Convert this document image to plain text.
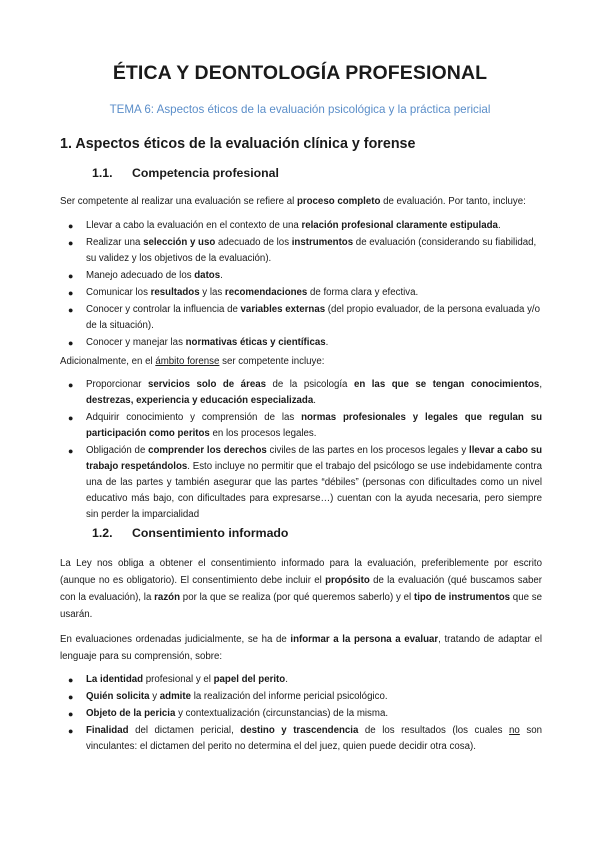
ÉTICA Y DEONTOLOGÍA PROFESIONAL
TEMA 6: Aspectos éticos de la evaluación psicológica y la práctica pericial
1. Aspectos éticos de la evaluación clínica y forense
1.1. Competencia profesional
Ser competente al realizar una evaluación se refiere al proceso completo de evaluación. Por tanto, incluye:
● Llevar a cabo la evaluación en el contexto de una relación profesional claramente estipulada.
● Realizar una selección y uso adecuado de los instrumentos de evaluación (considerando su fiabilidad, su validez y los objetivos de la evaluación).
● Manejo adecuado de los datos.
● Comunicar los resultados y las recomendaciones de forma clara y efectiva.
● Conocer y controlar la influencia de variables externas (del propio evaluador, de la persona evaluada y/o de la situación).
● Conocer y manejar las normativas éticas y científicas.
Adicionalmente, en el ámbito forense ser competente incluye:
● Proporcionar servicios solo de áreas de la psicología en las que se tengan conocimientos, destrezas, experiencia y educación especializada.
● Adquirir conocimiento y comprensión de las normas profesionales y legales que regulan su participación como peritos en los procesos legales.
● Obligación de comprender los derechos civiles de las partes en los procesos legales y llevar a cabo su trabajo respetándolos. Esto incluye no permitir que el trabajo del psicólogo se use indebidamente contra una de las partes y también asegurar que las partes “débiles” (personas con dificultades como un nivel educativo más bajo, con dificultades para expresarse…) cuentan con la ayuda necesaria, pero siempre sin perder la imparcialidad
1.2. Consentimiento informado
La Ley nos obliga a obtener el consentimiento informado para la evaluación, preferiblemente por escrito (aunque no es obligatorio). El consentimiento debe incluir el propósito de la evaluación (qué buscamos saber con la evaluación), la razón por la que se realiza (por qué queremos saberlo) y el tipo de instrumentos que se usarán.
En evaluaciones ordenadas judicialmente, se ha de informar a la persona a evaluar, tratando de adaptar el lenguaje para su comprensión, sobre:
● La identidad profesional y el papel del perito.
● Quién solicita y admite la realización del informe pericial psicológico.
● Objeto de la pericia y contextualización (circunstancias) de la misma.
● Finalidad del dictamen pericial, destino y trascendencia de los resultados (los cuales no son vinculantes: el dictamen del perito no determina el del juez, quien puede decidir otra cosa).
